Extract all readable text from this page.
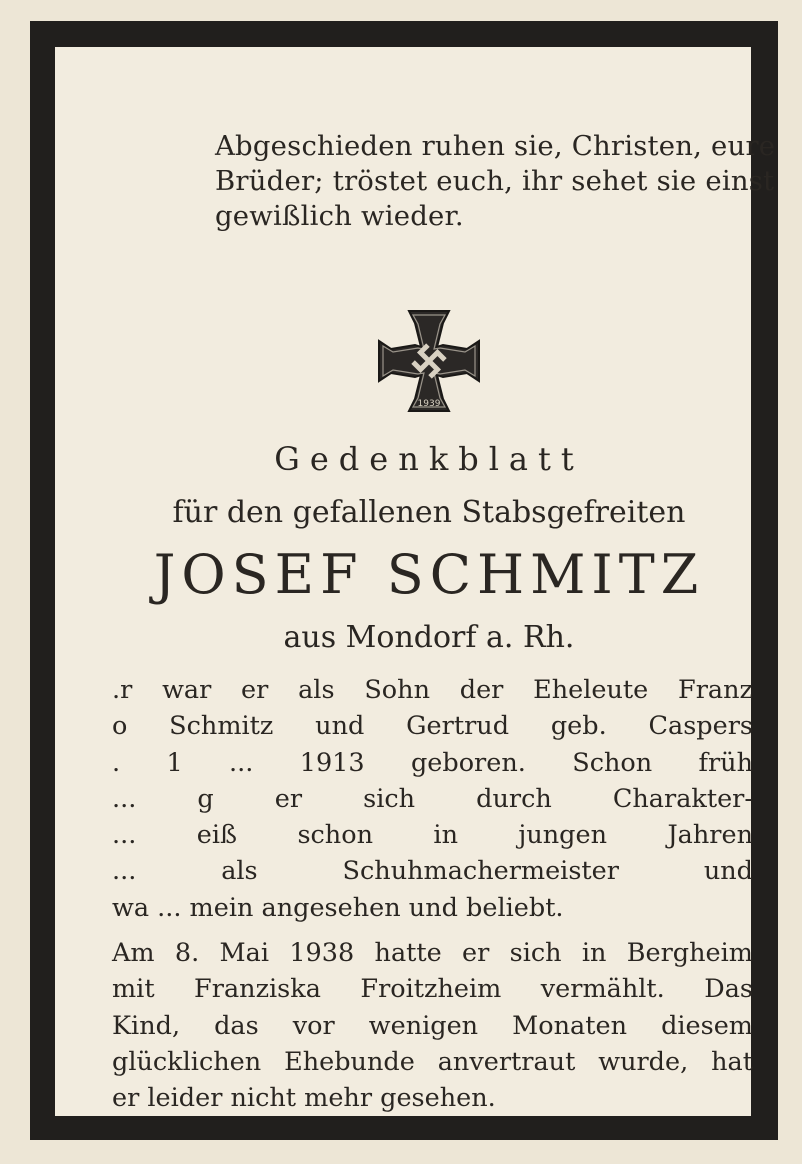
Abgeschieden ruhen sie, Christen, eure
Brüder; tröstet euch, ihr sehet sie einst
gewißlich wieder.

1939
Gedenkblatt

für den gefallenen Stabsgefreiten

JOSEF SCHMITZ

aus Mondorf a. Rh.

.r war er als Sohn der Eheleute Franz
o Schmitz und Gertrud geb. Caspers
. 1 ... 1913 geboren. Schon früh
... g er sich durch Charakter-
... eiß schon in jungen Jahren
... als Schuhmachermeister und
wa ... mein angesehen und beliebt.

Am 8. Mai 1938 hatte er sich in Bergheim
mit Franziska Froitzheim vermählt. Das
Kind, das vor wenigen Monaten diesem
glücklichen Ehebunde anvertraut wurde, hat
er leider nicht mehr gesehen.
